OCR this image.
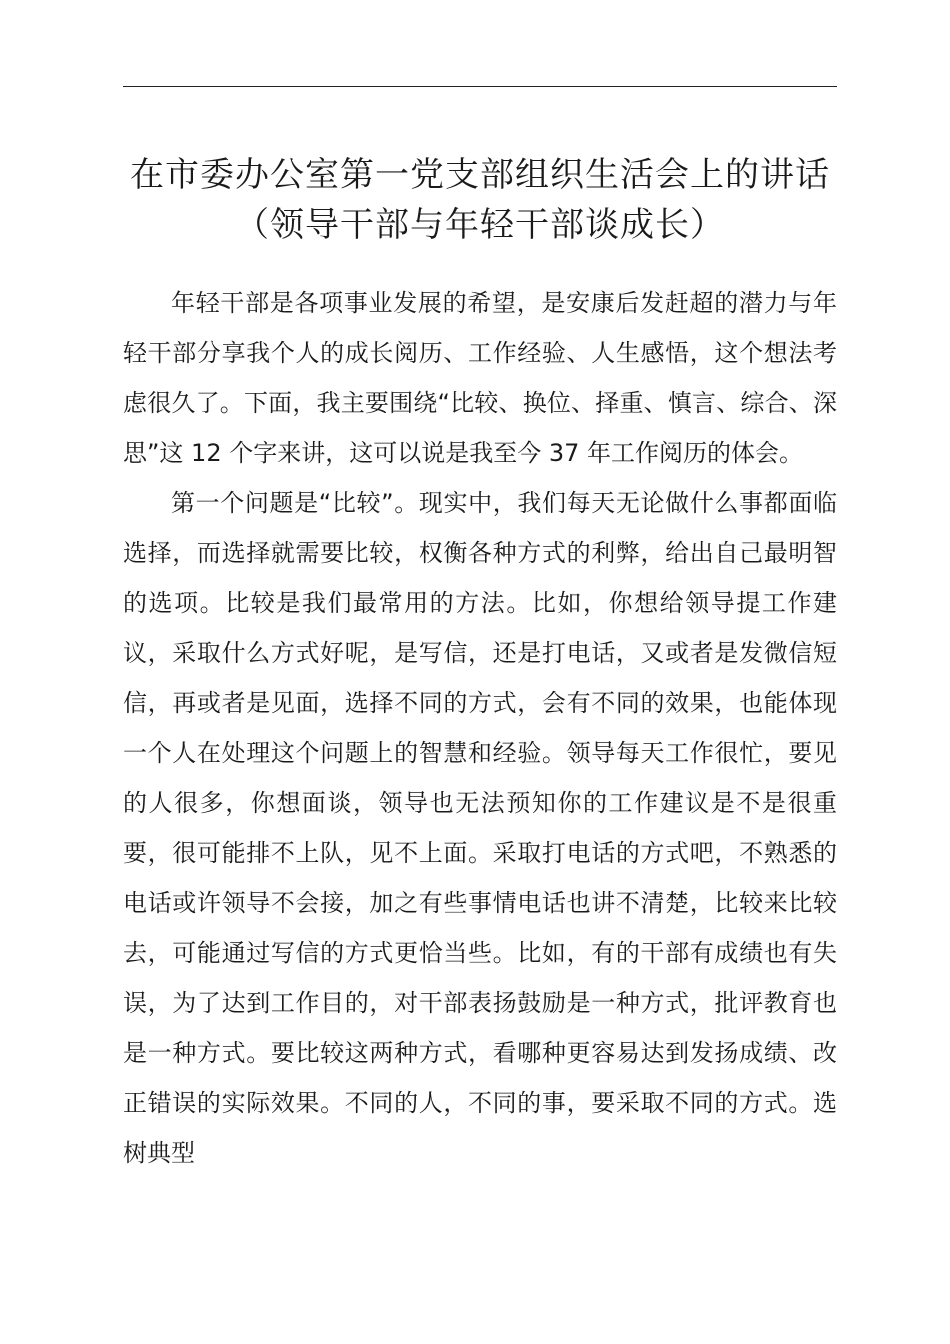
在市委办公室第一党支部组织生活会上的讲话
（领导干部与年轻干部谈成长）

年轻干部是各项事业发展的希望，是安康后发赶超的潜力与年轻干部分享我个人的成长阅历、工作经验、人生感悟，这个想法考虑很久了。下面，我主要围绕“比较、换位、择重、慎言、综合、深思”这 12 个字来讲，这可以说是我至今 37 年工作阅历的体会。

第一个问题是“比较”。现实中，我们每天无论做什么事都面临选择，而选择就需要比较，权衡各种方式的利弊，给出自己最明智的选项。比较是我们最常用的方法。比如，你想给领导提工作建议，采取什么方式好呢，是写信，还是打电话，又或者是发微信短信，再或者是见面，选择不同的方式，会有不同的效果，也能体现一个人在处理这个问题上的智慧和经验。领导每天工作很忙，要见的人很多，你想面谈，领导也无法预知你的工作建议是不是很重要，很可能排不上队，见不上面。采取打电话的方式吧，不熟悉的电话或许领导不会接，加之有些事情电话也讲不清楚，比较来比较去，可能通过写信的方式更恰当些。比如，有的干部有成绩也有失误，为了达到工作目的，对干部表扬鼓励是一种方式，批评教育也是一种方式。要比较这两种方式，看哪种更容易达到发扬成绩、改正错误的实际效果。不同的人，不同的事，要采取不同的方式。选树典型
